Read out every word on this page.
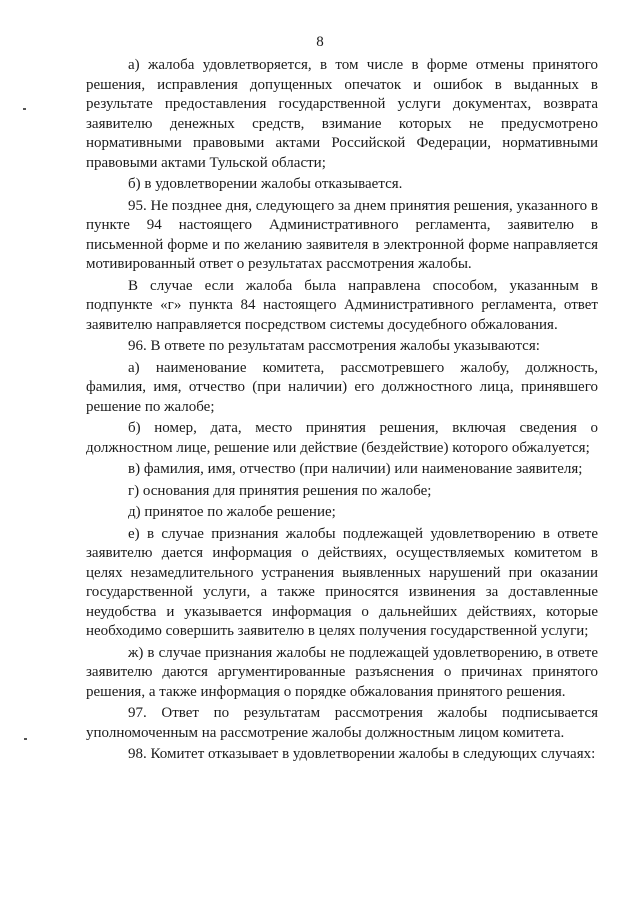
8

а) жалоба удовлетворяется, в том числе в форме отмены принятого решения, исправления допущенных опечаток и ошибок в выданных в результате предоставления государственной услуги документах, возврата заявителю денежных средств, взимание которых не предусмотрено нормативными правовыми актами Российской Федерации, нормативными правовыми актами Тульской области;

б) в удовлетворении жалобы отказывается.

95. Не позднее дня, следующего за днем принятия решения, указанного в пункте 94 настоящего Административного регламента, заявителю в письменной форме и по желанию заявителя в электронной форме направляется мотивированный ответ о результатах рассмотрения жалобы.

В случае если жалоба была направлена способом, указанным в подпункте «г» пункта 84 настоящего Административного регламента, ответ заявителю направляется посредством системы досудебного обжалования.

96. В ответе по результатам рассмотрения жалобы указываются:

а) наименование комитета, рассмотревшего жалобу, должность, фамилия, имя, отчество (при наличии) его должностного лица, принявшего решение по жалобе;

б) номер, дата, место принятия решения, включая сведения о должностном лице, решение или действие (бездействие) которого обжалуется;

в) фамилия, имя, отчество (при наличии) или наименование заявителя;

г) основания для принятия решения по жалобе;

д) принятое по жалобе решение;

е) в случае признания жалобы подлежащей удовлетворению в ответе заявителю дается информация о действиях, осуществляемых комитетом в целях незамедлительного устранения выявленных нарушений при оказании государственной услуги, а также приносятся извинения за доставленные неудобства и указывается информация о дальнейших действиях, которые необходимо совершить заявителю в целях получения государственной услуги;

ж) в случае признания жалобы не подлежащей удовлетворению, в ответе заявителю даются аргументированные разъяснения о причинах принятого решения, а также информация о порядке обжалования принятого решения.

97. Ответ по результатам рассмотрения жалобы подписывается уполномоченным на рассмотрение жалобы должностным лицом комитета.

98. Комитет отказывает в удовлетворении жалобы в следующих случаях:
